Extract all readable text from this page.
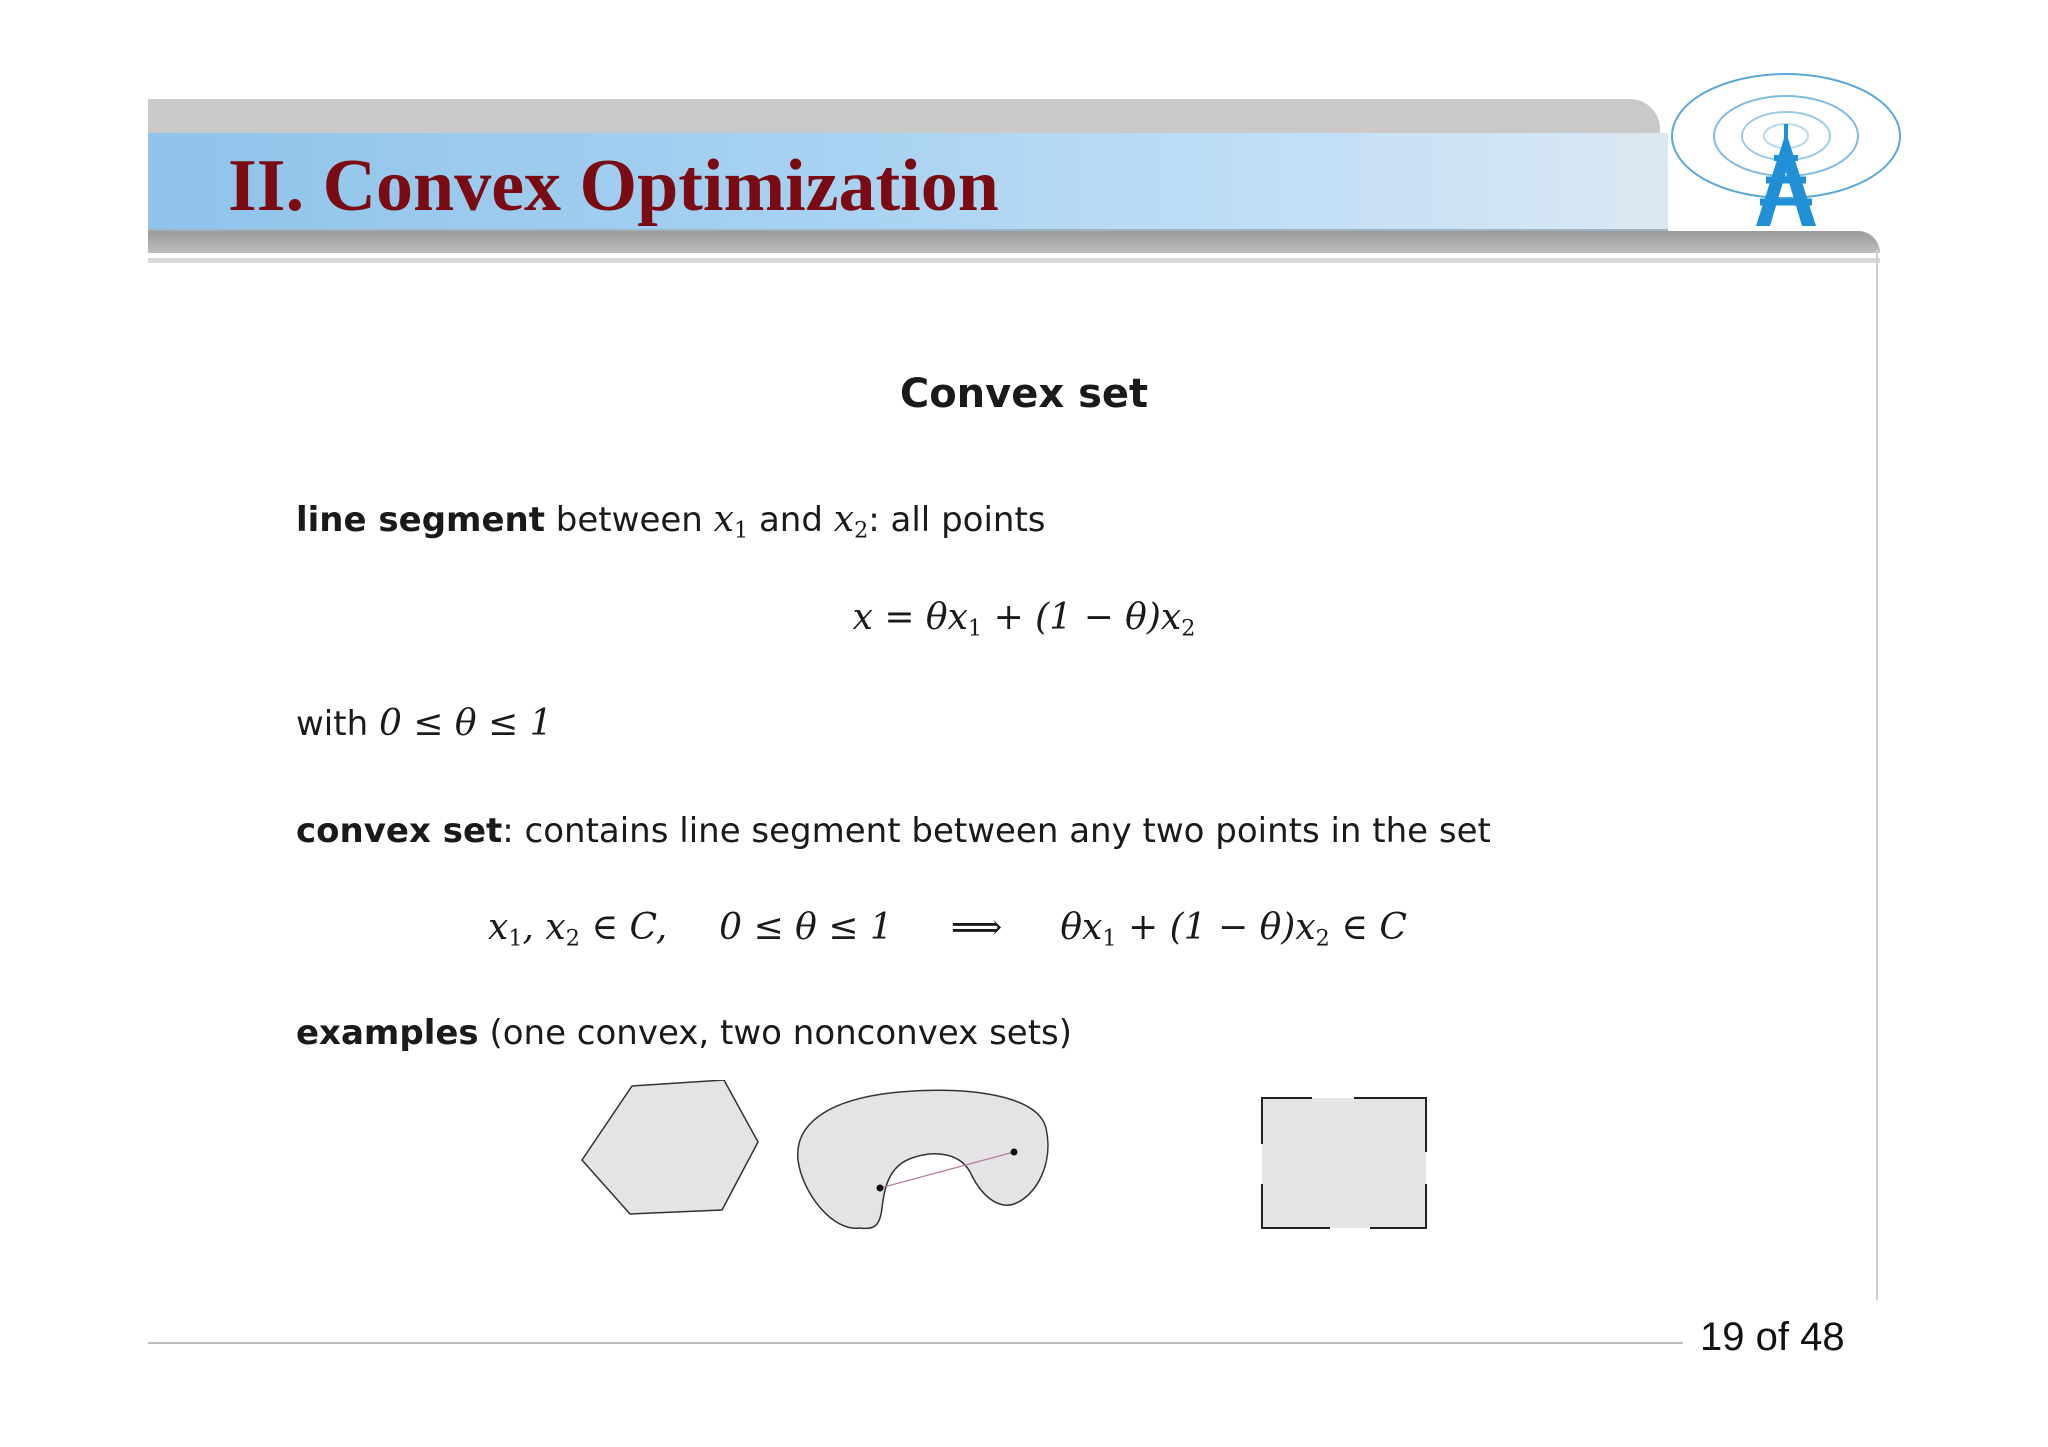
II. Convex Optimization
Convex set
line segment between $x_1$ and $x_2$: all points
$x = \theta x_1 + (1 - \theta)x_2$
with 0 ≤ θ ≤ 1
convex set: contains line segment between any two points in the set
$x_1$, $x_2$ ∈ C, 0 ≤ θ ≤ 1 ⟹ $\theta x_1 + (1 - \theta)x_2$ ∈ C
examples (one convex, two nonconvex sets)
19 of 48
